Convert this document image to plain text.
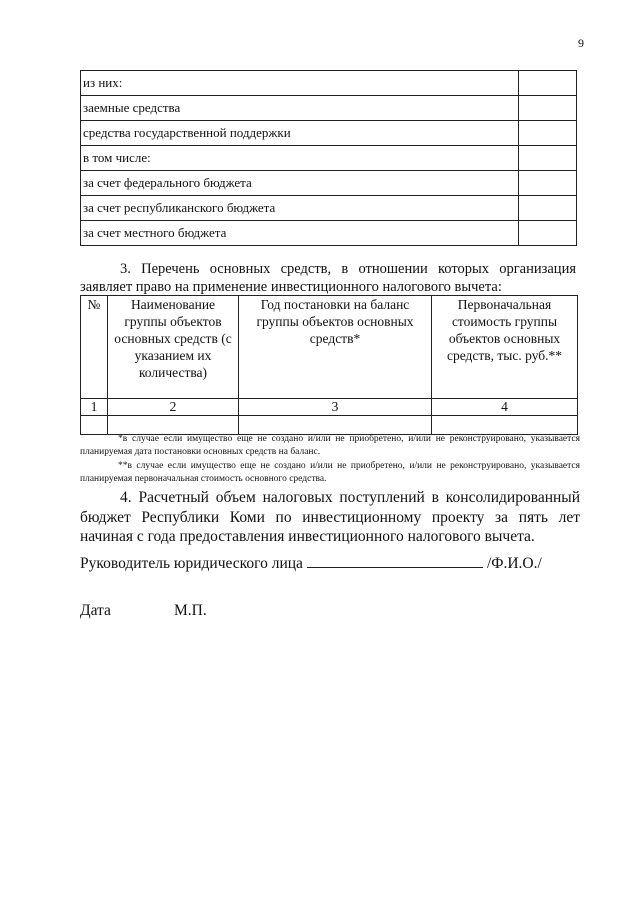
9
из них:	
заемные средства	
средства государственной поддержки	
в том числе:	
за счет федерального бюджета	
за счет республиканского бюджета	
за счет местного бюджета	
3. Перечень основных средств, в отношении которых организация заявляет право на применение инвестиционного налогового вычета:
№	Наименование группы объектов основных средств (с указанием их количества)	Год постановки на баланс группы объектов основных средств*	Первоначальная стоимость группы объектов основных средств, тыс. руб.**
1	2	3	4

*в случае если имущество еще не создано и/или не приобретено, и/или не реконструировано, указывается планируемая дата постановки основных средств на баланс.
**в случае если имущество еще не создано и/или не приобретено, и/или не реконструировано, указывается планируемая первоначальная стоимость основного средства.
4. Расчетный объем налоговых поступлений в консолидированный бюджет Республики Коми по инвестиционному проекту за пять лет начиная с года предоставления инвестиционного налогового вычета.
Руководитель юридического лица	/Ф.И.О./
Дата	М.П.
